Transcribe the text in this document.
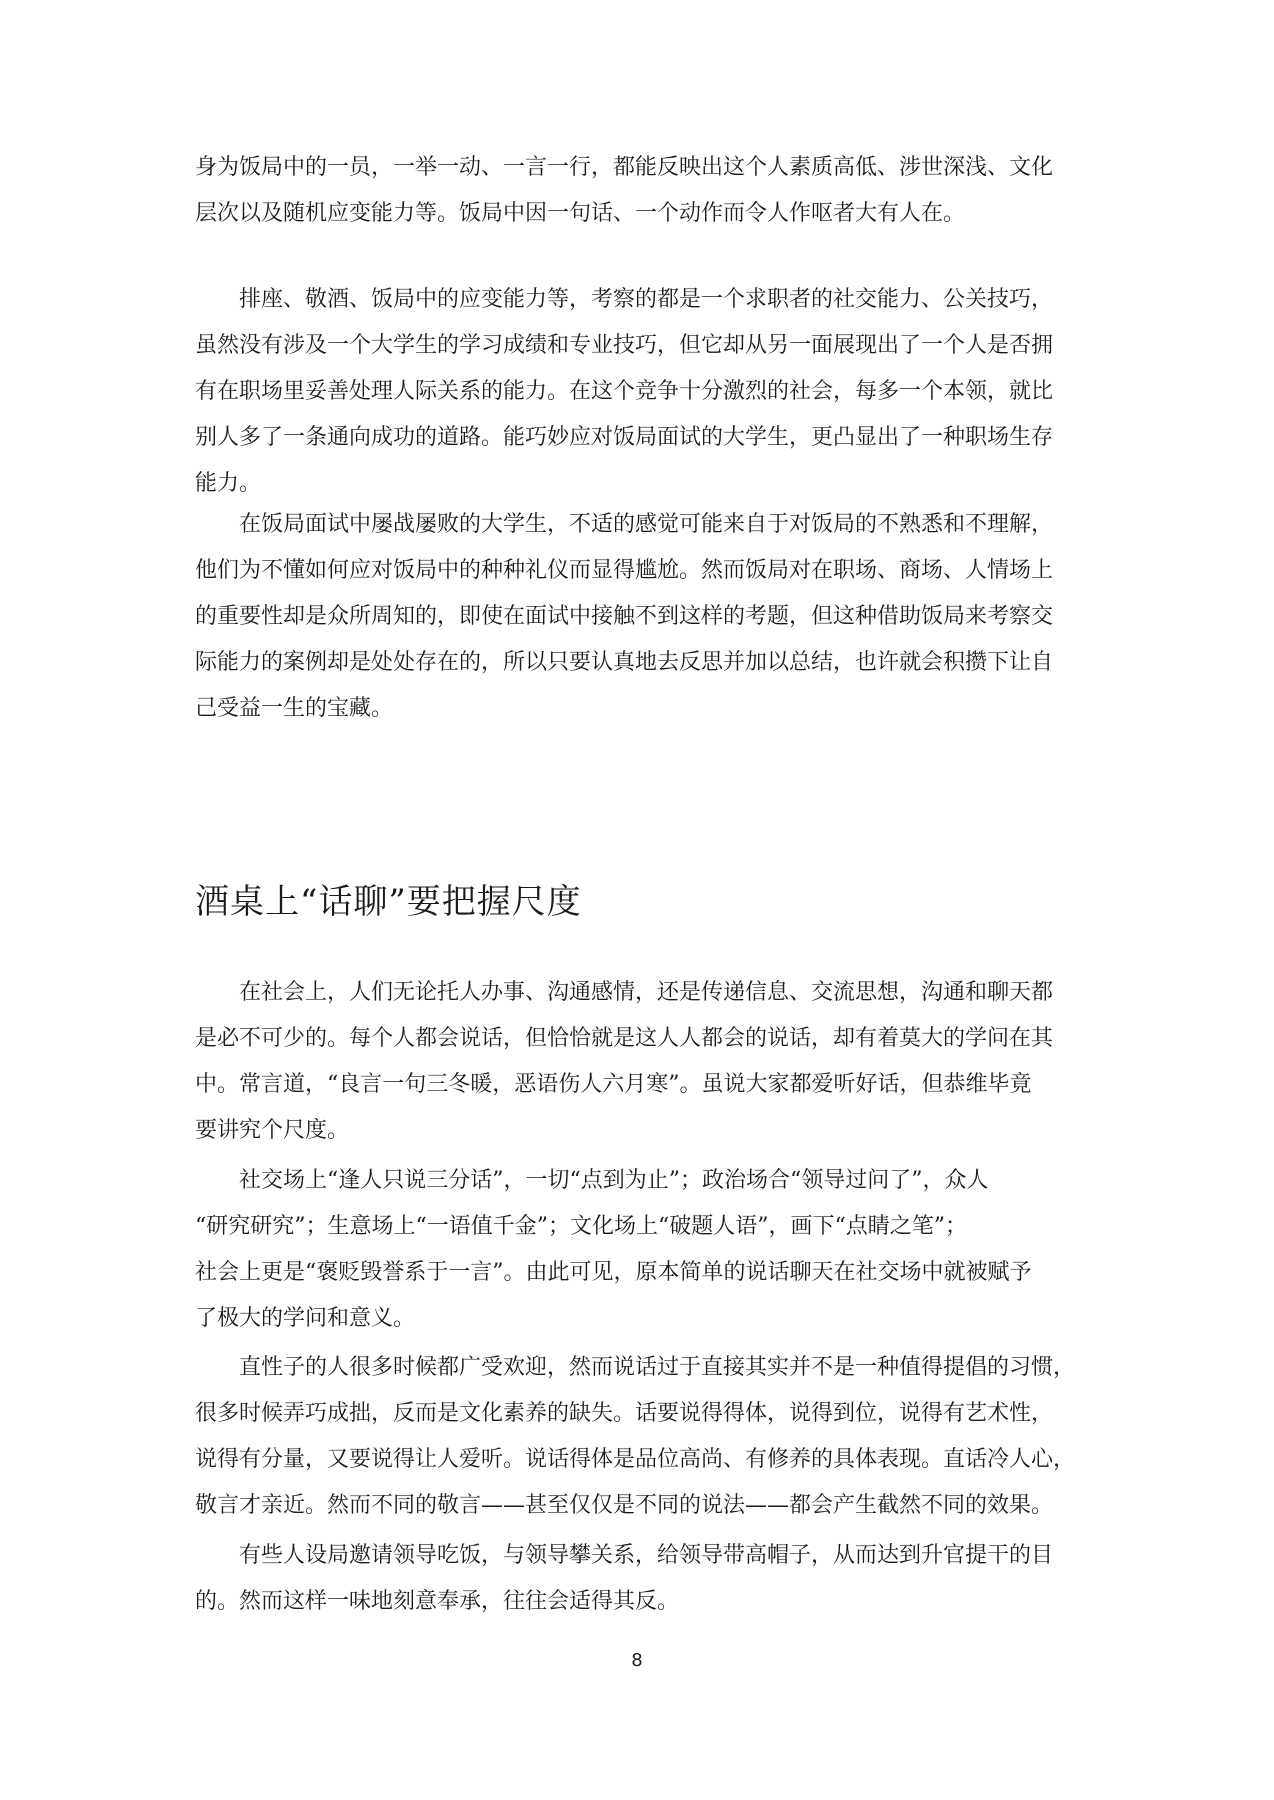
身为饭局中的一员，一举一动、一言一行，都能反映出这个人素质高低、涉世深浅、文化
层次以及随机应变能力等。饭局中因一句话、一个动作而令人作呕者大有人在。

排座、敬酒、饭局中的应变能力等，考察的都是一个求职者的社交能力、公关技巧，
虽然没有涉及一个大学生的学习成绩和专业技巧，但它却从另一面展现出了一个人是否拥
有在职场里妥善处理人际关系的能力。在这个竞争十分激烈的社会，每多一个本领，就比
别人多了一条通向成功的道路。能巧妙应对饭局面试的大学生，更凸显出了一种职场生存
能力。

在饭局面试中屡战屡败的大学生，不适的感觉可能来自于对饭局的不熟悉和不理解，
他们为不懂如何应对饭局中的种种礼仪而显得尴尬。然而饭局对在职场、商场、人情场上
的重要性却是众所周知的，即使在面试中接触不到这样的考题，但这种借助饭局来考察交
际能力的案例却是处处存在的，所以只要认真地去反思并加以总结，也许就会积攒下让自
己受益一生的宝藏。

酒桌上“话聊”要把握尺度

在社会上，人们无论托人办事、沟通感情，还是传递信息、交流思想，沟通和聊天都
是必不可少的。每个人都会说话，但恰恰就是这人人都会的说话，却有着莫大的学问在其
中。常言道，“良言一句三冬暖，恶语伤人六月寒”。虽说大家都爱听好话，但恭维毕竟
要讲究个尺度。

社交场上“逢人只说三分话”，一切“点到为止”；政治场合“领导过问了”，众人
“研究研究”；生意场上“一语值千金”；文化场上“破题人语”，画下“点睛之笔”；
社会上更是“褒贬毁誉系于一言”。由此可见，原本简单的说话聊天在社交场中就被赋予
了极大的学问和意义。

直性子的人很多时候都广受欢迎，然而说话过于直接其实并不是一种值得提倡的习惯，
很多时候弄巧成拙，反而是文化素养的缺失。话要说得得体，说得到位，说得有艺术性，
说得有分量，又要说得让人爱听。说话得体是品位高尚、有修养的具体表现。直话冷人心，
敬言才亲近。然而不同的敬言——甚至仅仅是不同的说法——都会产生截然不同的效果。

有些人设局邀请领导吃饭，与领导攀关系，给领导带高帽子，从而达到升官提干的目
的。然而这样一味地刻意奉承，往往会适得其反。

8
